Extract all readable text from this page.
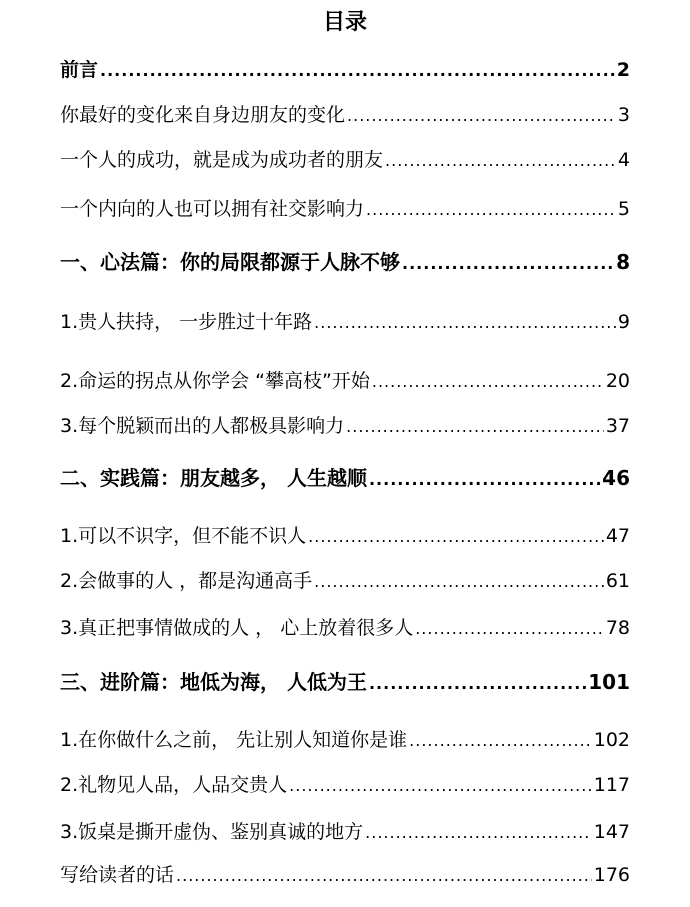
目录
前言 .....	2
你最好的变化来自身边朋友的变化 .....	3
一个人的成功，就是成为成功者的朋友 .....	4
一个内向的人也可以拥有社交影响力 .....	5
一、心法篇：你的局限都源于人脉不够 .....	8
1.贵人扶持， 一步胜过十年路 .....	9
2.命运的拐点从你学会 “攀高枝”开始 .....	20
3.每个脱颖而出的人都极具影响力 .....	37
二、实践篇：朋友越多， 人生越顺 .....	46
1.可以不识字，但不能不识人 .....	47
2.会做事的人 ，都是沟通高手 .....	61
3.真正把事情做成的人 ， 心上放着很多人 .....	78
三、进阶篇：地低为海， 人低为王 .....	101
1.在你做什么之前， 先让别人知道你是谁 .....	102
2.礼物见人品，人品交贵人 .....	117
3.饭桌是撕开虚伪、鉴别真诚的地方 .....	147
写给读者的话 .....	176
